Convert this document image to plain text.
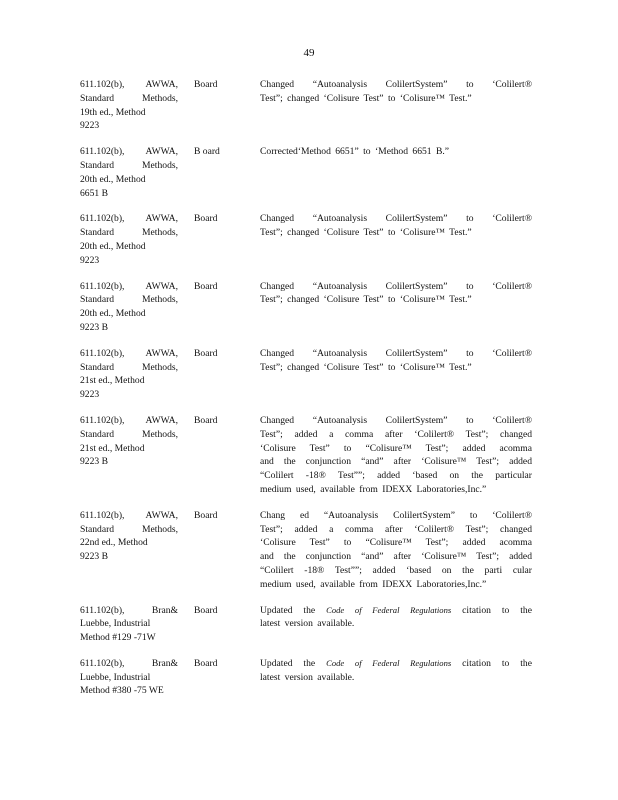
49
611.102(b), AWWA,
Standard Methods,
19th ed., Method
9223
Board	Changed “Autoanalysis ColilertSystem” to ‘Colilert®
Test”; changed ‘Colisure Test” to ‘Colisure™ Test.”
611.102(b), AWWA,
Standard Methods,
20th ed., Method
6651 B
B oard	Corrected‘Method 6651” to ‘Method 6651 B.”
611.102(b), AWWA,
Standard Methods,
20th ed., Method
9223
Board	Changed “Autoanalysis ColilertSystem” to ‘Colilert®
Test”; changed ‘Colisure Test” to ‘Colisure™ Test.”
611.102(b), AWWA,
Standard Methods,
20th ed., Method
9223 B
Board	Changed “Autoanalysis ColilertSystem” to ‘Colilert®
Test”; changed ‘Colisure Test” to ‘Colisure™ Test.”
611.102(b), AWWA,
Standard Methods,
21st ed., Method
9223
Board	Changed “Autoanalysis ColilertSystem” to ‘Colilert®
Test”; changed ‘Colisure Test” to ‘Colisure™ Test.”
611.102(b), AWWA,
Standard Methods,
21st ed., Method
9223 B
Board	Changed “Autoanalysis ColilertSystem” to ‘Colilert®
Test”; added a comma after ‘Colilert® Test”; changed
‘Colisure Test” to “Colisure™ Test”; added acomma
and the conjunction “and” after ‘Colisure™ Test”; added
“Colilert -18® Test””; added ‘based on the particular
medium used, available from IDEXX Laboratories,Inc.”
611.102(b), AWWA,
Standard Methods,
22nd ed., Method
9223 B
Board	Chang ed “Autoanalysis ColilertSystem” to ‘Colilert®
Test”; added a comma after ‘Colilert® Test”; changed
‘Colisure Test” to “Colisure™ Test”; added acomma
and the conjunction “and” after ‘Colisure™ Test”; added
“Colilert -18® Test””; added ‘based on the parti cular
medium used, available from IDEXX Laboratories,Inc.”
611.102(b), Bran&
Luebbe, Industrial
Method #129 -71W
Board	Updated the Code of Federal Regulations citation to the
latest version available.
611.102(b), Bran&
Luebbe, Industrial
Method #380 -75 WE
Board	Updated the Code of Federal Regulations citation to the
latest version available.
